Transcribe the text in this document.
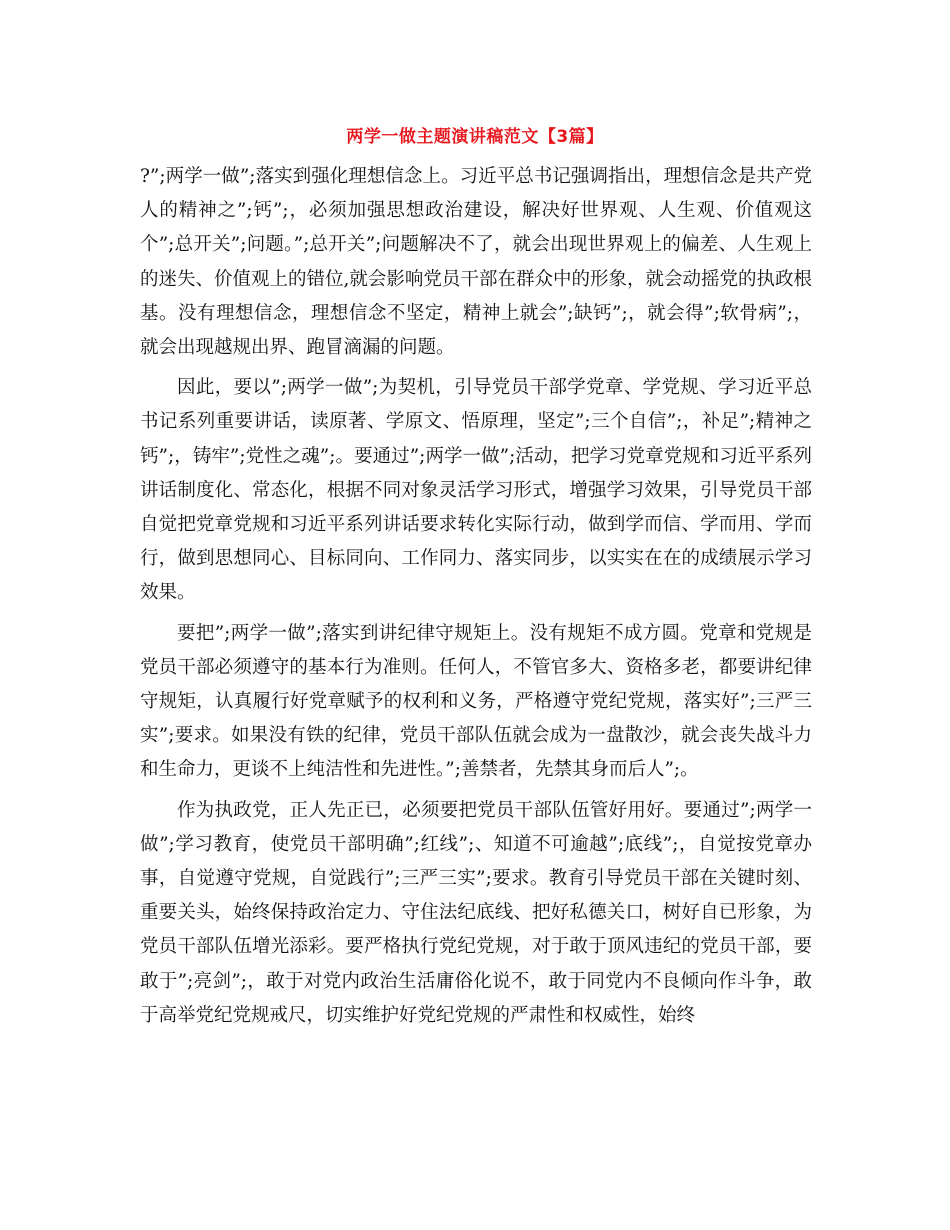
两学一做主题演讲稿范文【3篇】

?”;两学一做”;落实到强化理想信念上。习近平总书记强调指出，理想信念是共产党人的精神之”;钙”;，必须加强思想政治建设，解决好世界观、人生观、价值观这个”;总开关”;问题。”;总开关”;问题解决不了，就会出现世界观上的偏差、人生观上的迷失、价值观上的错位,就会影响党员干部在群众中的形象，就会动摇党的执政根基。没有理想信念，理想信念不坚定，精神上就会”;缺钙”;，就会得”;软骨病”;，就会出现越规出界、跑冒滴漏的问题。

因此，要以”;两学一做”;为契机，引导党员干部学党章、学党规、学习近平总书记系列重要讲话，读原著、学原文、悟原理，坚定”;三个自信”;，补足”;精神之钙”;，铸牢”;党性之魂”;。要通过”;两学一做”;活动，把学习党章党规和习近平系列讲话制度化、常态化，根据不同对象灵活学习形式，增强学习效果，引导党员干部自觉把党章党规和习近平系列讲话要求转化实际行动，做到学而信、学而用、学而行，做到思想同心、目标同向、工作同力、落实同步，以实实在在的成绩展示学习效果。

要把”;两学一做”;落实到讲纪律守规矩上。没有规矩不成方圆。党章和党规是党员干部必须遵守的基本行为准则。任何人，不管官多大、资格多老，都要讲纪律守规矩，认真履行好党章赋予的权利和义务，严格遵守党纪党规，落实好”;三严三实”;要求。如果没有铁的纪律，党员干部队伍就会成为一盘散沙，就会丧失战斗力和生命力，更谈不上纯洁性和先进性。”;善禁者，先禁其身而后人”;。

作为执政党，正人先正已，必须要把党员干部队伍管好用好。要通过”;两学一做”;学习教育，使党员干部明确”;红线”;、知道不可逾越”;底线”;，自觉按党章办事，自觉遵守党规，自觉践行”;三严三实”;要求。教育引导党员干部在关键时刻、重要关头，始终保持政治定力、守住法纪底线、把好私德关口，树好自已形象，为党员干部队伍增光添彩。要严格执行党纪党规，对于敢于顶风违纪的党员干部，要敢于”;亮剑”;，敢于对党内政治生活庸俗化说不，敢于同党内不良倾向作斗争，敢于高举党纪党规戒尺，切实维护好党纪党规的严肃性和权威性，始终
